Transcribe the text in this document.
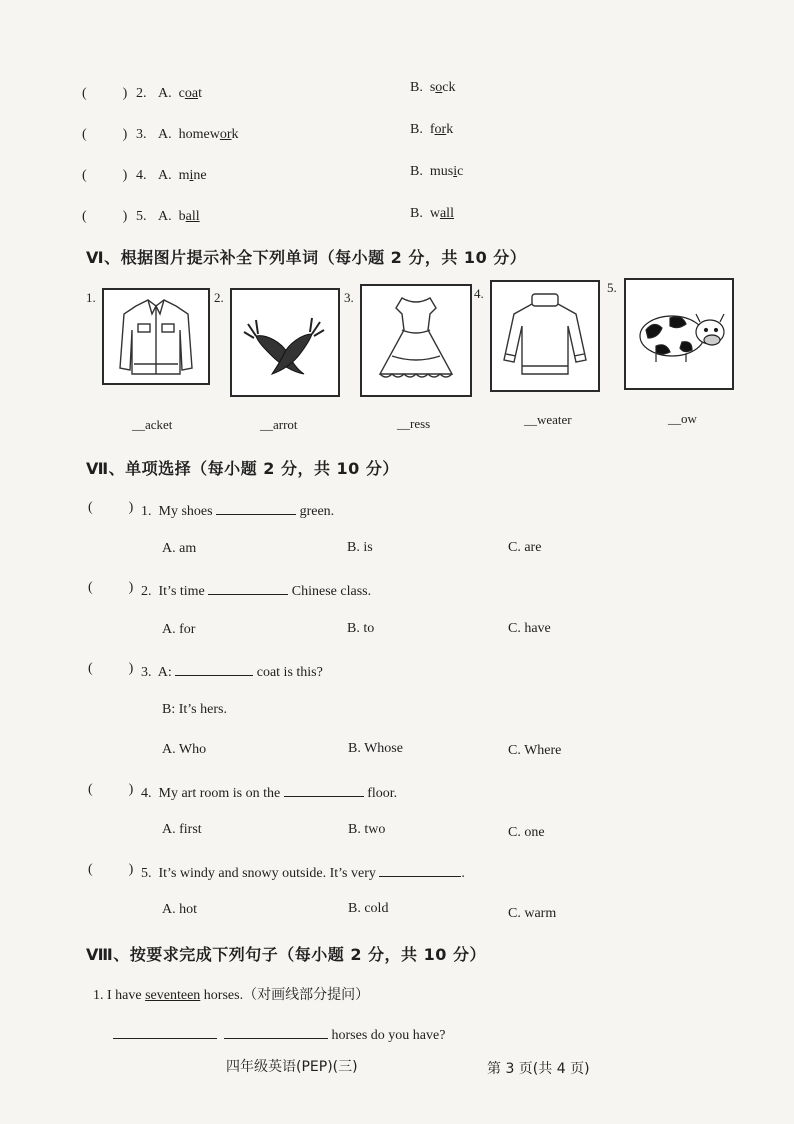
(	) 2. A. coat	B. sock
(	) 3. A. homework	B. fork
(	) 4. A. mine	B. music
(	) 5. A. ball	B. wall
Ⅵ、根据图片提示补全下列单词（每小题 2 分，共 10 分）
1.	2.	3.	4.	5.
__acket	__arrot	__ress	__weater	__ow
Ⅶ、单项选择（每小题 2 分，共 10 分）
(	) 1. My shoes	green.
A. am	B. is	C. are
(	) 2. It’s time	Chinese class.
A. for	B. to	C. have
(	) 3. A:	coat is this?
B: It’s hers.
A. Who	B. Whose	C. Where
(	) 4. My art room is on the	floor.
A. first	B. two	C. one
(	) 5. It’s windy and snowy outside. It’s very	.
A. hot	B. cold	C. warm
Ⅷ、按要求完成下列句子（每小题 2 分，共 10 分）
1. I have seventeen horses.（对画线部分提问）
horses do you have?
四年级英语(PEP)(三)	第 3 页(共 4 页)
